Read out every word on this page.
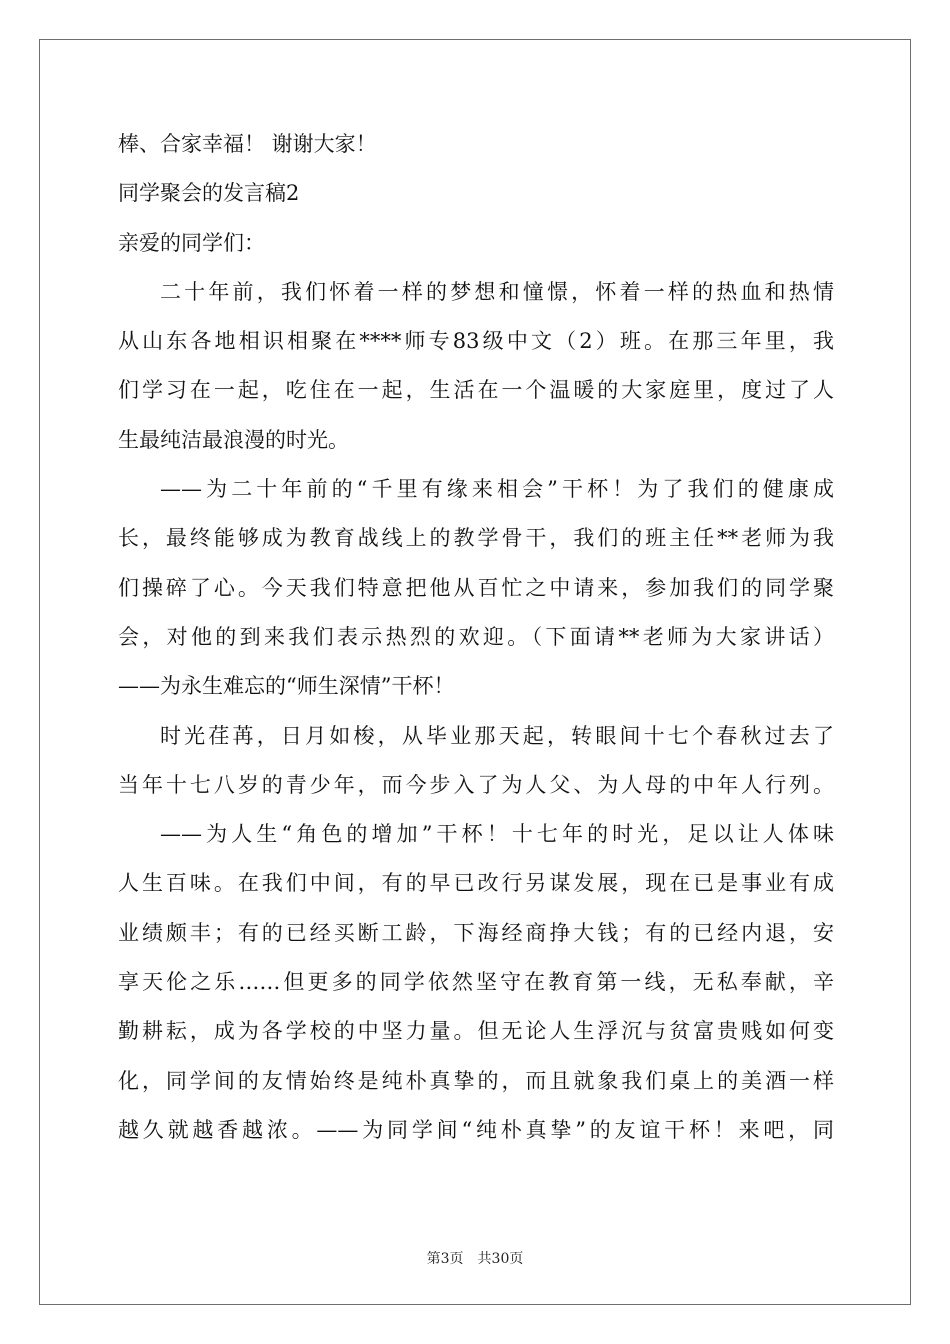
棒、合家幸福！ 谢谢大家！
同学聚会的发言稿2
亲爱的同学们：
二十年前，我们怀着一样的梦想和憧憬，怀着一样的热血和热情
从山东各地相识相聚在****师专83级中文（2）班。在那三年里，我
们学习在一起，吃住在一起，生活在一个温暖的大家庭里，度过了人
生最纯洁最浪漫的时光。
——为二十年前的“千里有缘来相会”干杯！为了我们的健康成
长，最终能够成为教育战线上的教学骨干，我们的班主任**老师为我
们操碎了心。今天我们特意把他从百忙之中请来，参加我们的同学聚
会，对他的到来我们表示热烈的欢迎。（下面请**老师为大家讲话）
——为永生难忘的“师生深情”干杯！
时光荏苒，日月如梭，从毕业那天起，转眼间十七个春秋过去了
当年十七八岁的青少年，而今步入了为人父、为人母的中年人行列。
——为人生“角色的增加”干杯！十七年的时光，足以让人体味
人生百味。在我们中间，有的早已改行另谋发展，现在已是事业有成
业绩颇丰；有的已经买断工龄，下海经商挣大钱；有的已经内退，安
享天伦之乐……但更多的同学依然坚守在教育第一线，无私奉献，辛
勤耕耘，成为各学校的中坚力量。但无论人生浮沉与贫富贵贱如何变
化，同学间的友情始终是纯朴真挚的，而且就象我们桌上的美酒一样
越久就越香越浓。——为同学间“纯朴真挚”的友谊干杯！来吧，同
第3页 共30页
